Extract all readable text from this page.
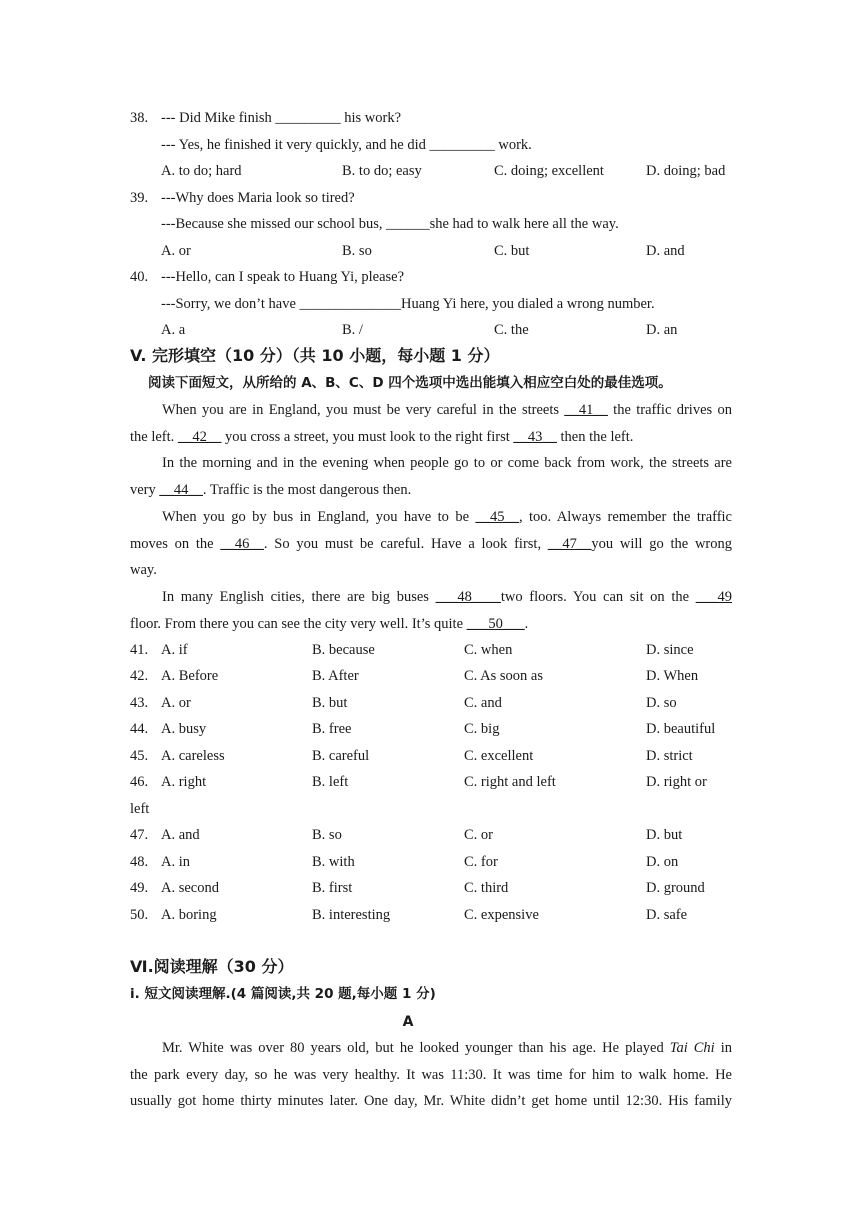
38. --- Did Mike finish _________ his work?
--- Yes, he finished it very quickly, and he did _________ work.
A. to do; hard	B. to do; easy	C. doing; excellent	D. doing; bad
39. ---Why does Maria look so tired?
---Because she missed our school bus, ______she had to walk here all the way.
A. or	B. so	C. but	D. and
40. ---Hello, can I speak to Huang Yi, please?
---Sorry, we don’t have ______________Huang Yi here, you dialed a wrong number.
A. a	B. /	C. the	D. an
V. 完形填空（10 分）（共 10 小题，每小题 1 分）
阅读下面短文，从所给的 A、B、C、D 四个选项中选出能填入相应空白处的最佳选项。
When you are in England, you must be very careful in the streets __41__ the traffic drives on
the left. __42__ you cross a street, you must look to the right first __43__ then the left.
In the morning and in the evening when people go to or come back from work, the streets are
very __44__. Traffic is the most dangerous then.
When you go by bus in England, you have to be __45__, too. Always remember the traffic
moves on the __46__. So you must be careful. Have a look first, __47__you will go the wrong
way.
In many English cities, there are big buses ___48____two floors. You can sit on the ___49
floor. From there you can see the city very well. It’s quite ___50___.
41. A. if	B. because	C. when	D. since
42. A. Before	B. After	C. As soon as	D. When
43. A. or	B. but	C. and	D. so
44. A. busy	B. free	C. big	D. beautiful
45. A. careless	B. careful	C. excellent	D. strict
46. A. right	B. left	C. right and left	D. right or
left
47. A. and	B. so	C. or	D. but
48. A. in	B. with	C. for	D. on
49. A. second	B. first	C. third	D. ground
50. A. boring	B. interesting	C. expensive	D. safe
Ⅵ.阅读理解（30 分）
ⅰ. 短文阅读理解.(4 篇阅读,共 20 题,每小题 1 分)
A
Mr. White was over 80 years old, but he looked younger than his age. He played Tai Chi in
the park every day, so he was very healthy. It was 11:30. It was time for him to walk home. He
usually got home thirty minutes later. One day, Mr. White didn’t get home until 12:30. His family
